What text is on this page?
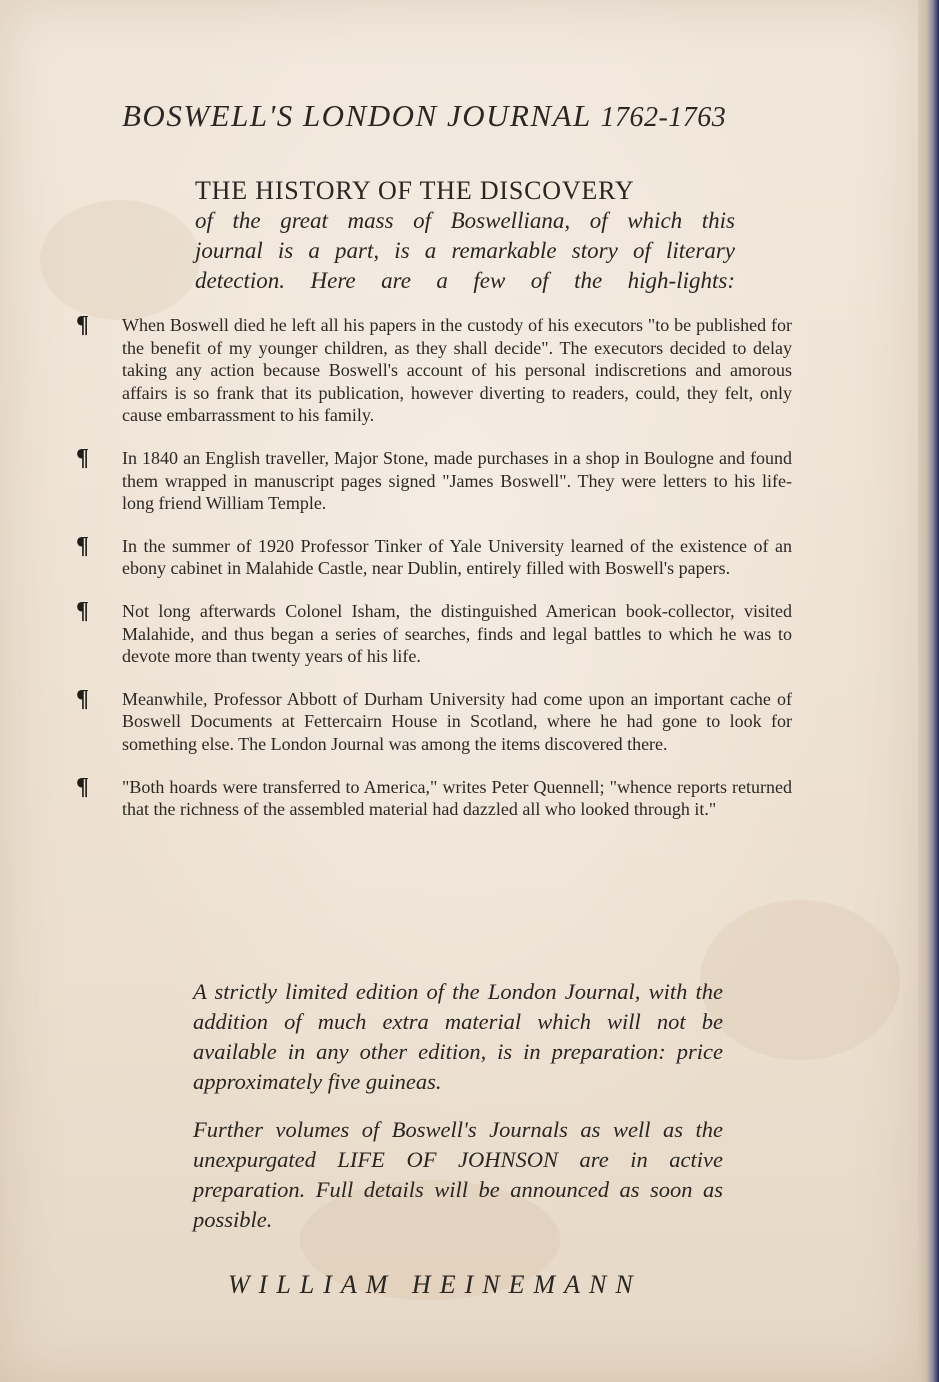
BOSWELL'S LONDON JOURNAL 1762-1763
THE HISTORY OF THE DISCOVERY
of the great mass of Boswelliana, of which this
journal is a part, is a remarkable story of literary
detection. Here are a few of the high-lights:
¶ When Boswell died he left all his papers in the custody of his executors "to be published for the benefit of my younger children, as they shall decide". The executors decided to delay taking any action because Boswell's account of his personal indiscretions and amorous affairs is so frank that its publication, however diverting to readers, could, they felt, only cause embarrassment to his family.
¶ In 1840 an English traveller, Major Stone, made purchases in a shop in Boulogne and found them wrapped in manuscript pages signed "James Boswell". They were letters to his life-long friend William Temple.
¶ In the summer of 1920 Professor Tinker of Yale University learned of the existence of an ebony cabinet in Malahide Castle, near Dublin, entirely filled with Boswell's papers.
¶ Not long afterwards Colonel Isham, the distinguished American book-collector, visited Malahide, and thus began a series of searches, finds and legal battles to which he was to devote more than twenty years of his life.
¶ Meanwhile, Professor Abbott of Durham University had come upon an important cache of Boswell Documents at Fettercairn House in Scotland, where he had gone to look for something else. The London Journal was among the items discovered there.
¶ "Both hoards were transferred to America," writes Peter Quennell; "whence reports returned that the richness of the assembled material had dazzled all who looked through it."

A strictly limited edition of the London Journal, with the addition of much extra material which will not be available in any other edition, is in preparation: price approximately five guineas.

Further volumes of Boswell's Journals as well as the unexpurgated LIFE OF JOHNSON are in active preparation. Full details will be announced as soon as possible.

WILLIAM HEINEMANN
